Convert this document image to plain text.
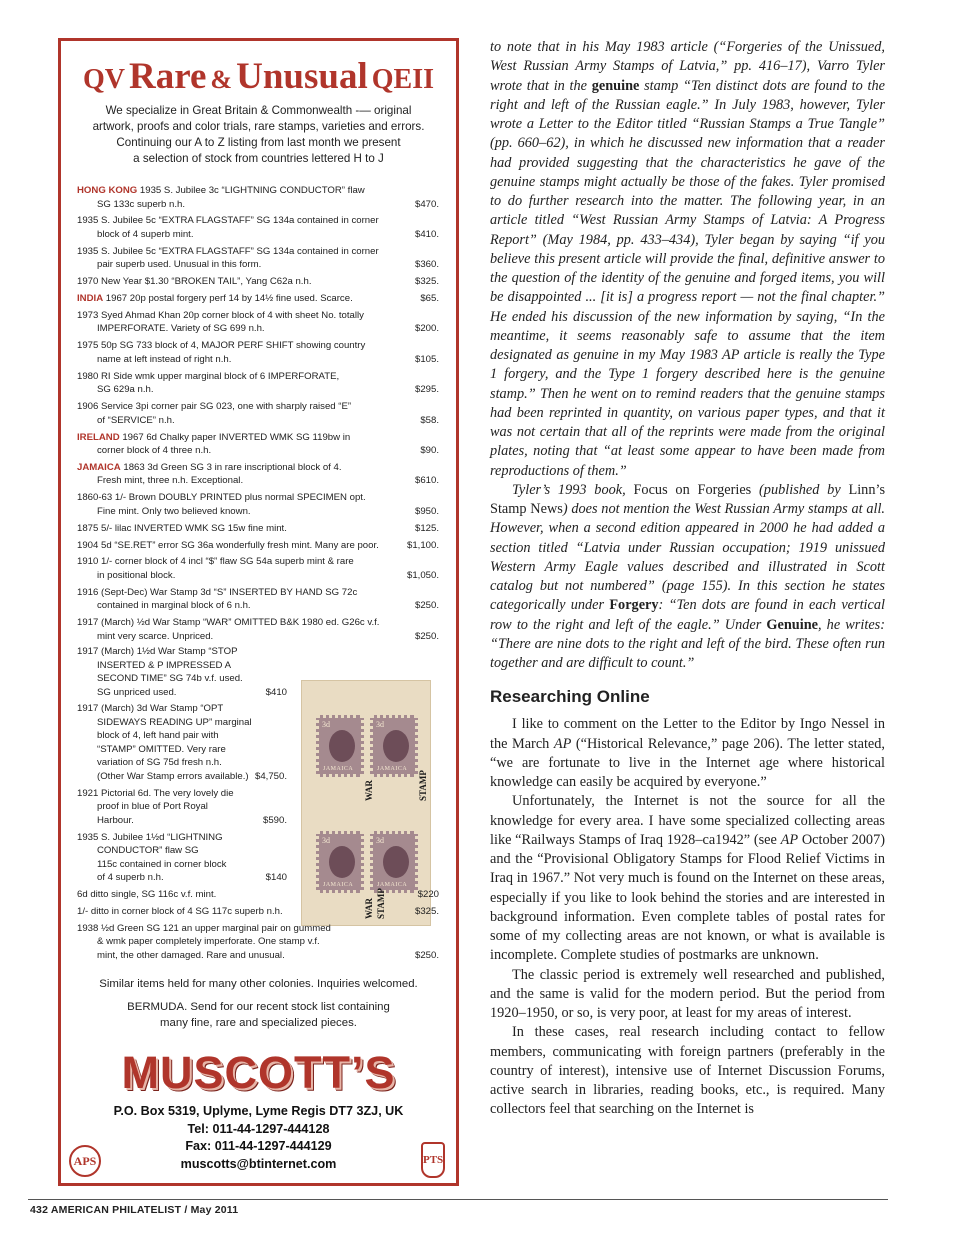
QV Rare & Unusual QEII
We specialize in Great Britain & Commonwealth -— original
artwork, proofs and color trials, rare stamps, varieties and errors.
Continuing our A to Z listing from last month we present
a selection of stock from countries lettered H to J
HONG KONG 1935 S. Jubilee 3c “LIGHTNING CONDUCTOR” flaw
SG 133c superb n.h.	$470.
1935 S. Jubilee 5c “EXTRA FLAGSTAFF” SG 134a contained in corner
block of 4 superb mint.	$410.
1935 S. Jubilee 5c “EXTRA FLAGSTAFF” SG 134a contained in corner
pair superb used. Unusual in this form.	$360.
1970 New Year $1.30 “BROKEN TAIL”, Yang C62a n.h.	$325.
INDIA 1967 20p postal forgery perf 14 by 14½ fine used. Scarce.	$65.
1973 Syed Ahmad Khan 20p corner block of 4 with sheet No. totally
IMPERFORATE. Variety of SG 699 n.h.	$200.
1975 50p SG 733 block of 4, MAJOR PERF SHIFT showing country
name at left instead of right n.h.	$105.
1980 RI Side wmk upper marginal block of 6 IMPERFORATE,
SG 629a n.h.	$295.
1906 Service 3pi corner pair SG 023, one with sharply raised “E”
of “SERVICE” n.h.	$58.
IRELAND 1967 6d Chalky paper INVERTED WMK SG 119bw in
corner block of 4 three n.h.	$90.
JAMAICA 1863 3d Green SG 3 in rare inscriptional block of 4.
Fresh mint, three n.h. Exceptional.	$610.
1860-63 1/- Brown DOUBLY PRINTED plus normal SPECIMEN opt.
Fine mint. Only two believed known.	$950.
1875 5/- lilac INVERTED WMK SG 15w fine mint.	$125.
1904 5d “SE.RET” error SG 36a wonderfully fresh mint. Many are poor.	$1,100.
1910 1/- corner block of 4 incl “$” flaw SG 54a superb mint & rare
in positional block.	$1,050.
1916 (Sept-Dec) War Stamp 3d “S” INSERTED BY HAND SG 72c
contained in marginal block of 6 n.h.	$250.
1917 (March) ½d War Stamp “WAR” OMITTED B&K 1980 ed. G26c v.f.
mint very scarce. Unpriced.	$250.
1917 (March) 1½d War Stamp “STOP
INSERTED & P IMPRESSED A
SECOND TIME” SG 74b v.f. used.
SG unpriced used.	$410
1917 (March) 3d War Stamp “OPT
SIDEWAYS READING UP” marginal
block of 4, left hand pair with
“STAMP” OMITTED. Very rare
variation of SG 75d fresh n.h.
(Other War Stamp errors available.) $4,750.
1921 Pictorial 6d. The very lovely die
proof in blue of Port Royal
Harbour.	$590.
1935 S. Jubilee 1½d “LIGHTNING
CONDUCTOR” flaw SG
115c contained in corner block
of 4 superb n.h.	$140
3d
JAMAICA
3d
JAMAICA
3d
JAMAICA
3d
JAMAICA
WAR	STAMP
WAR STAMP
6d ditto single, SG 116c v.f. mint.	$220
1/- ditto in corner block of 4 SG 117c superb n.h.	$325.
1938 ½d Green SG 121 an upper marginal pair on gummed
& wmk paper completely imperforate. One stamp v.f.
mint, the other damaged. Rare and unusual.	$250.
Similar items held for many other colonies. Inquiries welcomed.
BERMUDA. Send for our recent stock list containing
many fine, rare and specialized pieces.
MUSCOTT’S
P.O. Box 5319, Uplyme, Lyme Regis DT7 3ZJ, UK
Tel: 011-44-1297-444128
Fax: 011-44-1297-444129
muscotts@btinternet.com
APS	PTS

to note that in his May 1983 article (“Forgeries of the Unissued, West Russian Army Stamps of Latvia,” pp. 416–17), Varro Tyler wrote that in the genuine stamp “Ten distinct dots are found to the right and left of the Russian eagle.” In July 1983, however, Tyler wrote a Letter to the Editor titled “Russian Stamps a True Tangle” (pp. 660–62), in which he discussed new information that a reader had provided suggesting that the characteristics he gave of the genuine stamps might actually be those of the fakes. Tyler promised to do further research into the matter. The following year, in an article titled “West Russian Army Stamps of Latvia: A Progress Report” (May 1984, pp. 433–434), Tyler began by saying “if you believe this present article will provide the final, definitive answer to the question of the identity of the genuine and forged items, you will be disappointed ... [it is] a progress report — not the final chapter.” He ended his discussion of the new information by saying, “In the meantime, it seems reasonably safe to assume that the item designated as genuine in my May 1983 AP article is really the Type 1 forgery, and the Type 1 forgery described here is the genuine stamp.” Then he went on to remind readers that the genuine stamps had been reprinted in quantity, on various paper types, and that it was not certain that all of the reprints were made from the original plates, noting that “at least some appear to have been made from reproductions of them.”

Tyler’s 1993 book, Focus on Forgeries (published by Linn’s Stamp News) does not mention the West Russian Army stamps at all. However, when a second edition appeared in 2000 he had added a section titled “Latvia under Russian occupation; 1919 unissued Western Army Eagle values described and illustrated in Scott catalog but not numbered” (page 155). In this section he states categorically under Forgery: “Ten dots are found in each vertical row to the right and left of the eagle.” Under Genuine, he writes: “There are nine dots to the right and left of the bird. These often run together and are difficult to count.”

Researching Online

I like to comment on the Letter to the Editor by Ingo Nessel in the March AP (“Historical Relevance,” page 206). The letter stated, “we are fortunate to live in the Internet age where historical knowledge can easily be acquired by everyone.”

Unfortunately, the Internet is not the source for all the knowledge for every area. I have some specialized collecting areas like “Railways Stamps of Iraq 1928–ca1942” (see AP October 2007) and the “Provisional Obligatory Stamps for Flood Relief Victims in Iraq in 1967.” Not very much is found on the Internet on these areas, especially if you like to look behind the stories and are interested in background information. Even complete tables of postal rates for some of my collecting areas are not known, or what is available is incomplete. Complete studies of postmarks are unknown.

The classic period is extremely well researched and published, and the same is valid for the modern period. But the period from 1920–1950, or so, is very poor, at least for my areas of interest.

In these cases, real research including contact to fellow members, communicating with foreign partners (preferably in the country of interest), intensive use of Internet Discussion Forums, active search in libraries, reading books, etc., is required. Many collectors feel that searching on the Internet is

432 AMERICAN PHILATELIST / May 2011
